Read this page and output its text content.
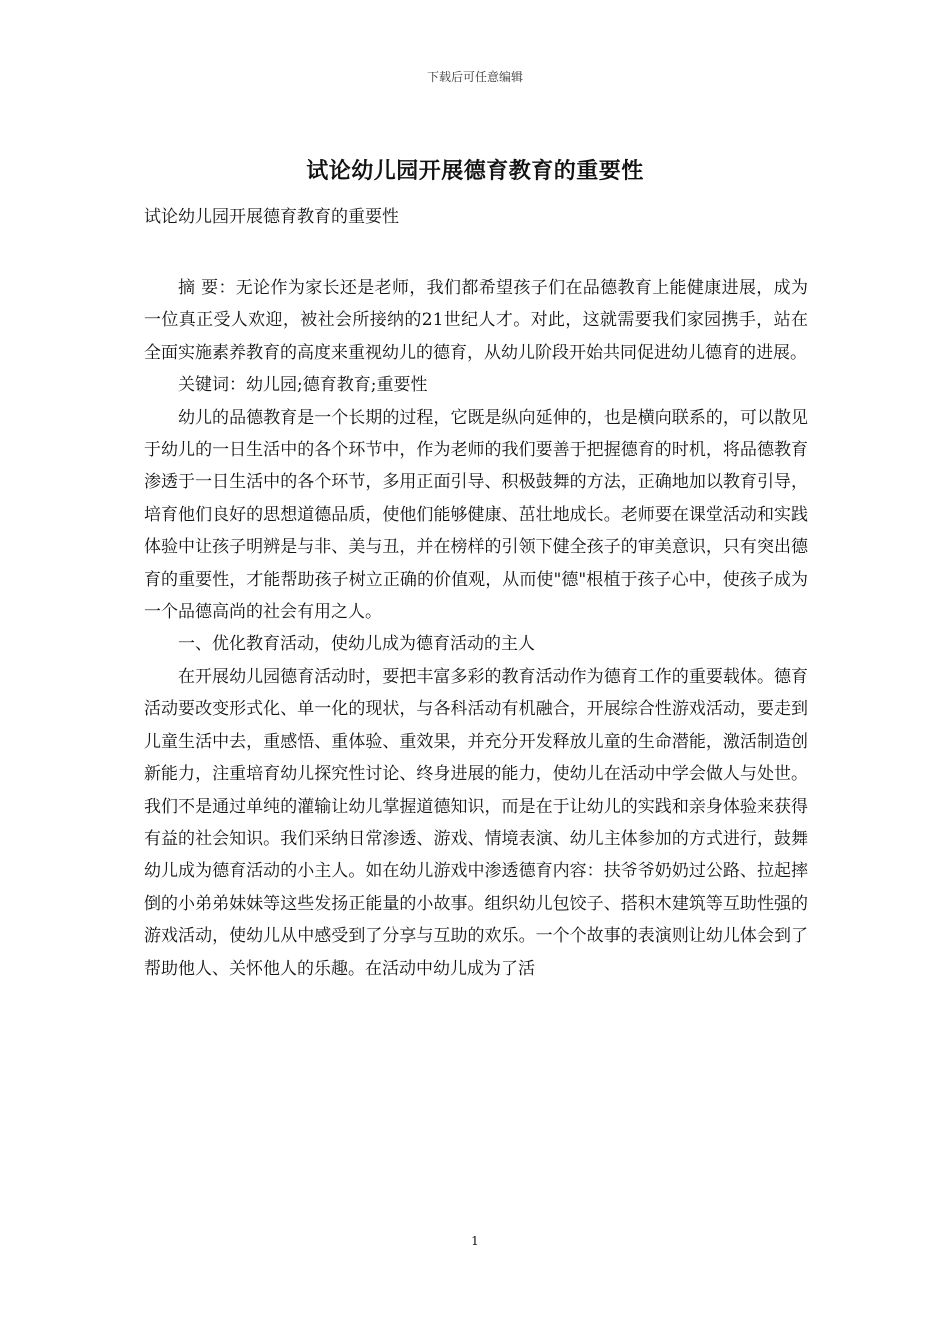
下载后可任意编辑
试论幼儿园开展德育教育的重要性
试论幼儿园开展德育教育的重要性

摘 要：无论作为家长还是老师，我们都希望孩子们在品德教育上能健康进展，成为一位真正受人欢迎，被社会所接纳的21世纪人才。对此，这就需要我们家园携手，站在全面实施素养教育的高度来重视幼儿的德育，从幼儿阶段开始共同促进幼儿德育的进展。

关键词：幼儿园;德育教育;重要性

幼儿的品德教育是一个长期的过程，它既是纵向延伸的，也是横向联系的，可以散见于幼儿的一日生活中的各个环节中，作为老师的我们要善于把握德育的时机，将品德教育渗透于一日生活中的各个环节，多用正面引导、积极鼓舞的方法，正确地加以教育引导，培育他们良好的思想道德品质，使他们能够健康、茁壮地成长。老师要在课堂活动和实践体验中让孩子明辨是与非、美与丑，并在榜样的引领下健全孩子的审美意识，只有突出德育的重要性，才能帮助孩子树立正确的价值观，从而使"德"根植于孩子心中，使孩子成为一个品德高尚的社会有用之人。

一、优化教育活动，使幼儿成为德育活动的主人

在开展幼儿园德育活动时，要把丰富多彩的教育活动作为德育工作的重要载体。德育活动要改变形式化、单一化的现状，与各科活动有机融合，开展综合性游戏活动，要走到儿童生活中去，重感悟、重体验、重效果，并充分开发释放儿童的生命潜能，激活制造创新能力，注重培育幼儿探究性讨论、终身进展的能力，使幼儿在活动中学会做人与处世。我们不是通过单纯的灌输让幼儿掌握道德知识，而是在于让幼儿的实践和亲身体验来获得有益的社会知识。我们采纳日常渗透、游戏、情境表演、幼儿主体参加的方式进行，鼓舞幼儿成为德育活动的小主人。如在幼儿游戏中渗透德育内容：扶爷爷奶奶过公路、拉起摔倒的小弟弟妹妹等这些发扬正能量的小故事。组织幼儿包饺子、搭积木建筑等互助性强的游戏活动，使幼儿从中感受到了分享与互助的欢乐。一个个故事的表演则让幼儿体会到了帮助他人、关怀他人的乐趣。在活动中幼儿成为了活

1
